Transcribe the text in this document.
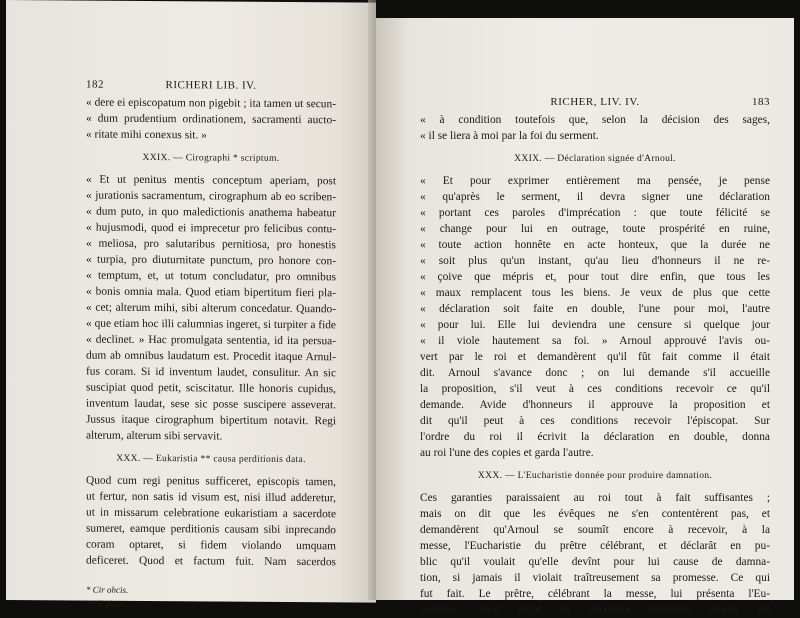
182	RICHERI LIB. IV.
« dere ei episcopatum non pigebit ; ita tamen ut secun-
« dum prudentium ordinationem, sacramenti aucto-
« ritate mihi conexus sit. »
XXIX. — Cirographi * scriptum.
« Et ut penitus mentis conceptum aperiam, post
« jurationis sacramentum, cirographum ab eo scriben-
« dum puto, in quo maledictionis anathema habeatur
« hujusmodi, quod ei imprecetur pro felicibus contu-
« meliosa, pro salutaribus pernitiosa, pro honestis
« turpia, pro diuturnitate punctum, pro honore con-
« temptum, et, ut totum concludatur, pro omnibus
« bonis omnia mala. Quod etiam bipertitum fieri pla-
« cet; alterum mihi, sibi alterum concedatur. Quando-
« que etiam hoc illi calumnias ingeret, si turpiter a fide
« declinet. » Hac promulgata sententia, id ita persua-
dum ab omnibus laudatum est. Procedit itaque Arnul-
fus coram. Si id inventum laudet, consulitur. An sic
suscipiat quod petit, sciscitatur. Ille honoris cupidus,
inventum laudat, sese sic posse suscipere asseverat.
Jussus itaque cirographum bipertitum notavit. Regi
alterum, alterum sibi servavit.
XXX. — Eukaristia ** causa perditionis data.
Quod cum regi penitus sufficeret, episcopis tamen,
ut fertur, non satis id visum est, nisi illud adderetur,
ut in missarum celebratione eukaristiam a sacerdote
sumeret, eamque perditionis causam sibi inprecando
coram optaret, si fidem violando umquam
deficeret. Quod et factum fuit. Nam sacerdos
* Cir ohcis.
** E ahcis.
RICHER, LIV. IV.	183
« à condition toutefois que, selon la décision des sages,
« il se liera à moi par la foi du serment.
XXIX. — Déclaration signée d'Arnoul.
« Et pour exprimer entièrement ma pensée, je pense
« qu'après le serment, il devra signer une déclaration
« portant ces paroles d'imprécation : que toute félicité se
« change pour lui en outrage, toute prospérité en ruine,
« toute action honnête en acte honteux, que la durée ne
« soit plus qu'un instant, qu'au lieu d'honneurs il ne re-
« çoive que mépris et, pour tout dire enfin, que tous les
« maux remplacent tous les biens. Je veux de plus que cette
« déclaration soit faite en double, l'une pour moi, l'autre
« pour lui. Elle lui deviendra une censure si quelque jour
« il viole hautement sa foi. » Arnoul approuvé l'avis ou-
vert par le roi et demandèrent qu'il fût fait comme il était
dit. Arnoul s'avance donc ; on lui demande s'il accueille
la proposition, s'il veut à ces conditions recevoir ce qu'il
demande. Avide d'honneurs il approuve la proposition et
dit qu'il peut à ces conditions recevoir l'épiscopat. Sur
l'ordre du roi il écrivit la déclaration en double, donna
au roi l'une des copies et garda l'autre.
XXX. — L'Eucharistie donnée pour produire damnation.
Ces garanties paraissaient au roi tout à fait suffisantes ;
mais on dit que les évêques ne s'en contentèrent pas, et
demandèrent qu'Arnoul se soumît encore à recevoir, à la
messe, l'Eucharistie du prêtre célébrant, et déclarât en pu-
blic qu'il voulait qu'elle devînt pour lui cause de damna-
tion, si jamais il violait traîtreusement sa promesse. Ce qui
fut fait. Le prêtre, célébrant la messe, lui présenta l'Eu-
charistie, qu'il reçut en déclarant consentir qu'elle fût
